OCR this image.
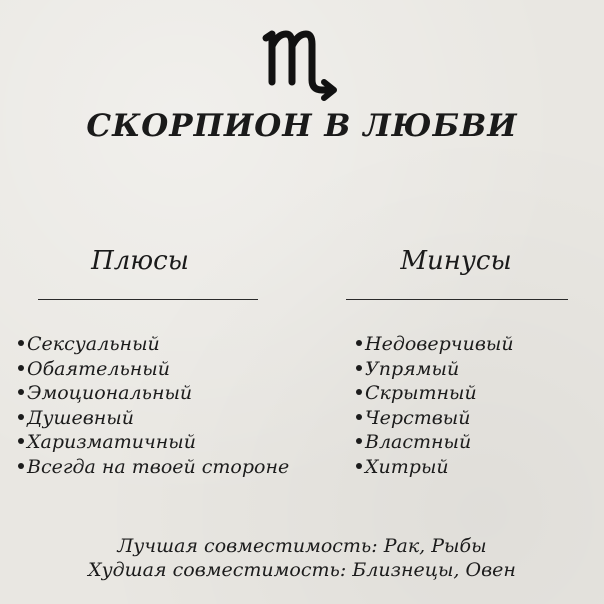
СКОРПИОН В ЛЮБВИ
Плюсы	Минусы
Сексуальный
Обаятельный
Эмоциональный
Душевный
Харизматичный
Всегда на твоей стороне
Недоверчивый
Упрямый
Скрытный
Черствый
Властный
Хитрый
Лучшая совместимость: Рак, Рыбы
Худшая совместимость: Близнецы, Овен
